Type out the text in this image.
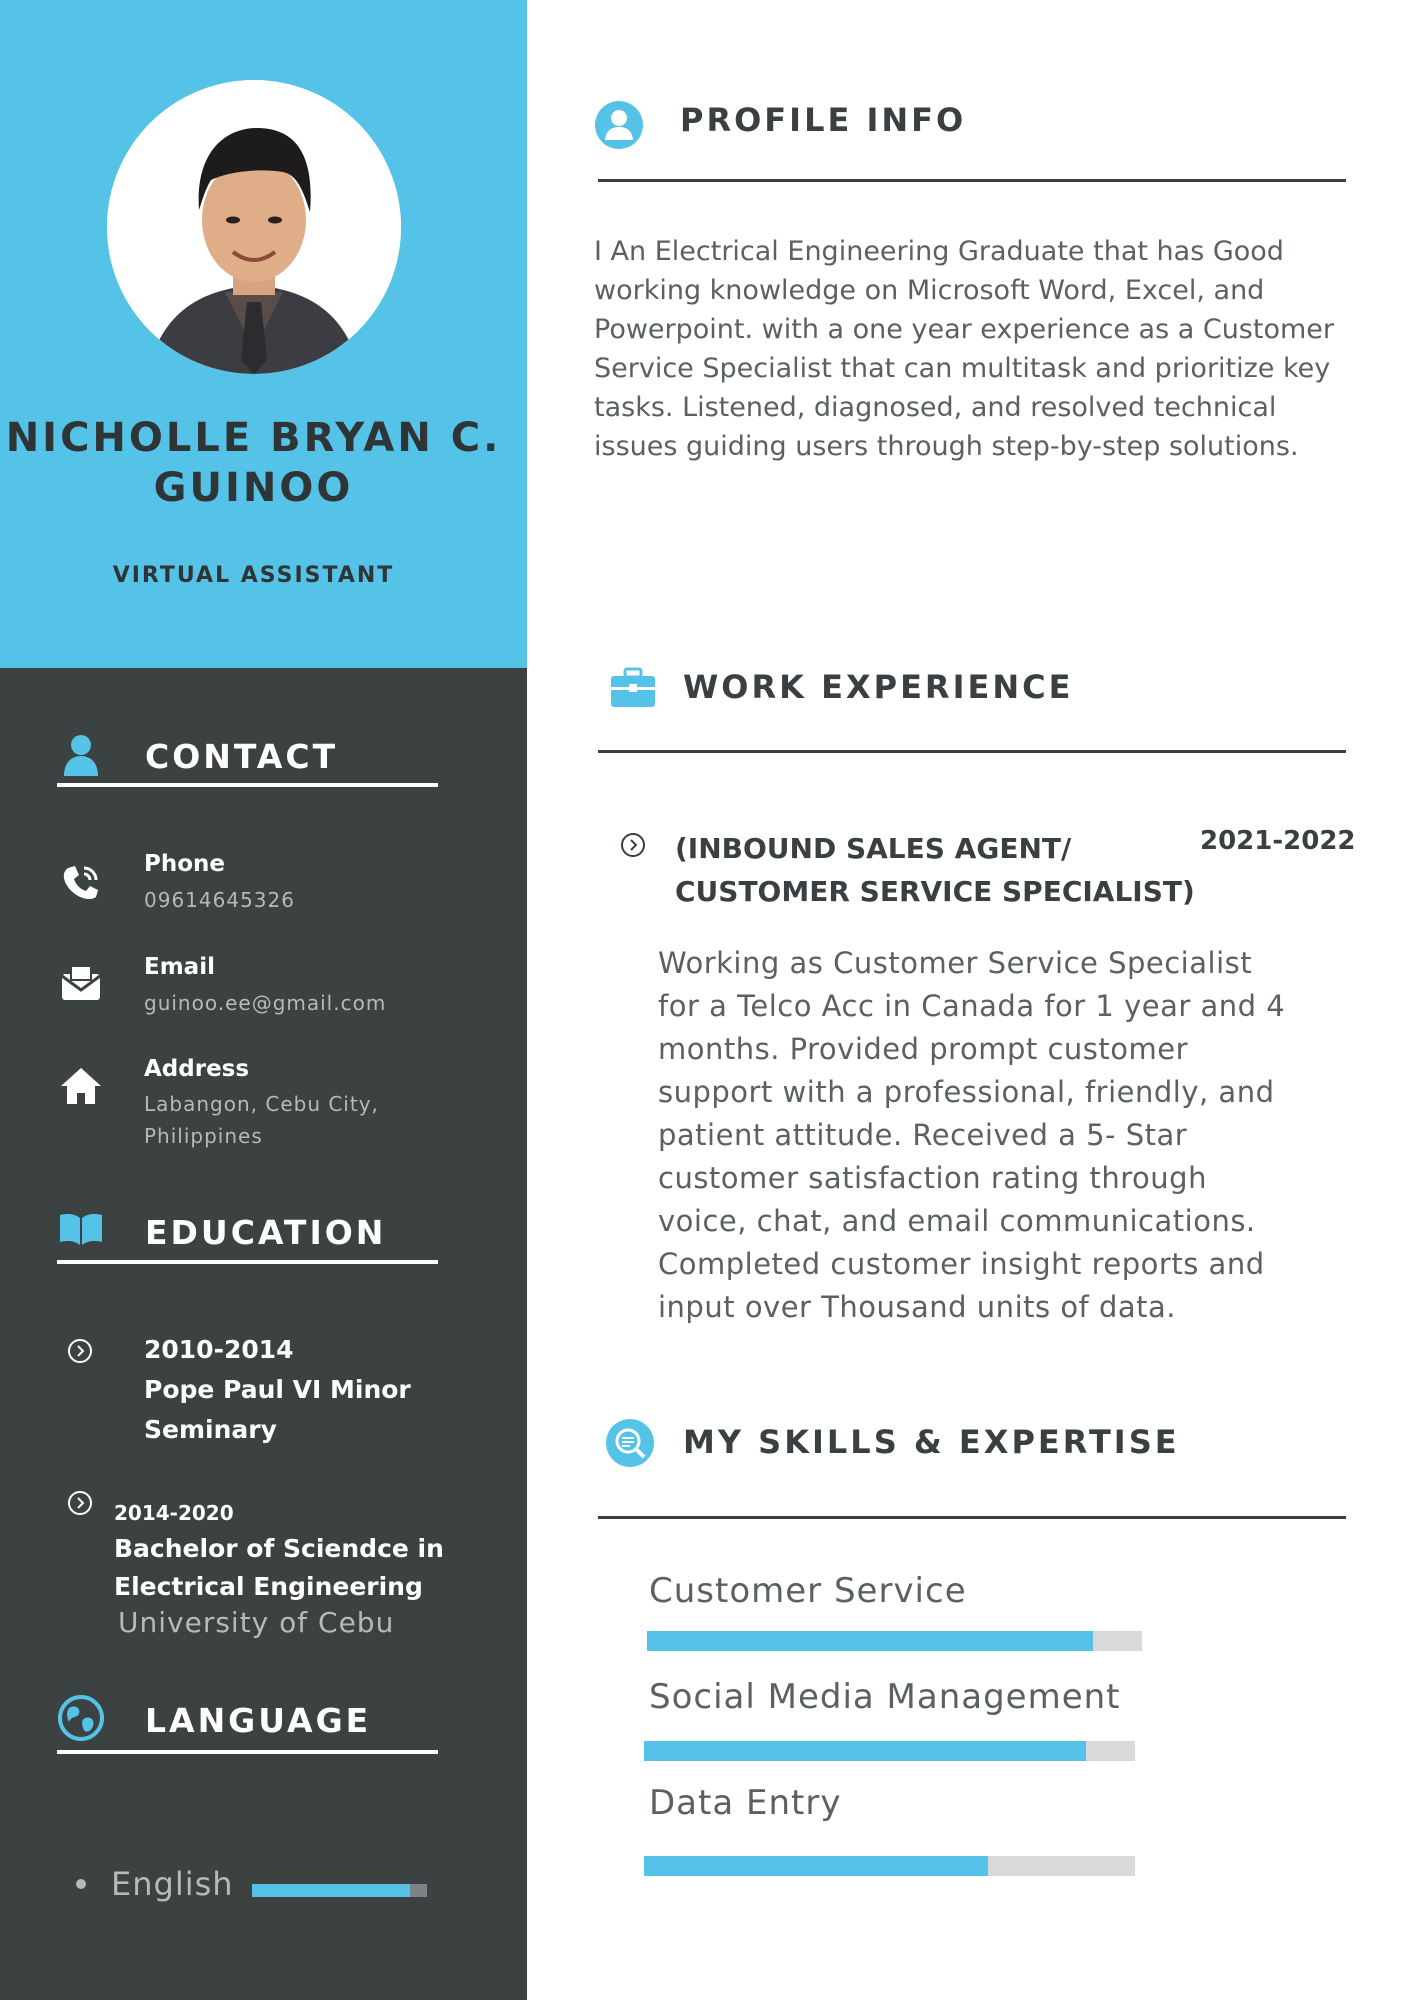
NICHOLLE BRYAN C.
GUINOO
VIRTUAL ASSISTANT
CONTACT
Phone
09614645326
Email
guinoo.ee@gmail.com
Address
Labangon, Cebu City,
Philippines
EDUCATION
2010-2014
Pope Paul VI Minor
Seminary
2014-2020
Bachelor of Sciendce in
Electrical Engineering
University of Cebu
LANGUAGE
English
PROFILE INFO
I An Electrical Engineering Graduate that has Good
working knowledge on Microsoft Word, Excel, and
Powerpoint. with a one year experience as a Customer
Service Specialist that can multitask and prioritize key
tasks. Listened, diagnosed, and resolved technical
issues guiding users through step-by-step solutions.
WORK EXPERIENCE
(INBOUND SALES AGENT/
CUSTOMER SERVICE SPECIALIST)
2021-2022
Working as Customer Service Specialist
for a Telco Acc in Canada for 1 year and 4
months. Provided prompt customer
support with a professional, friendly, and
patient attitude. Received a 5- Star
customer satisfaction rating through
voice, chat, and email communications.
Completed customer insight reports and
input over Thousand units of data.
MY SKILLS & EXPERTISE
Customer Service
Social Media Management
Data Entry
